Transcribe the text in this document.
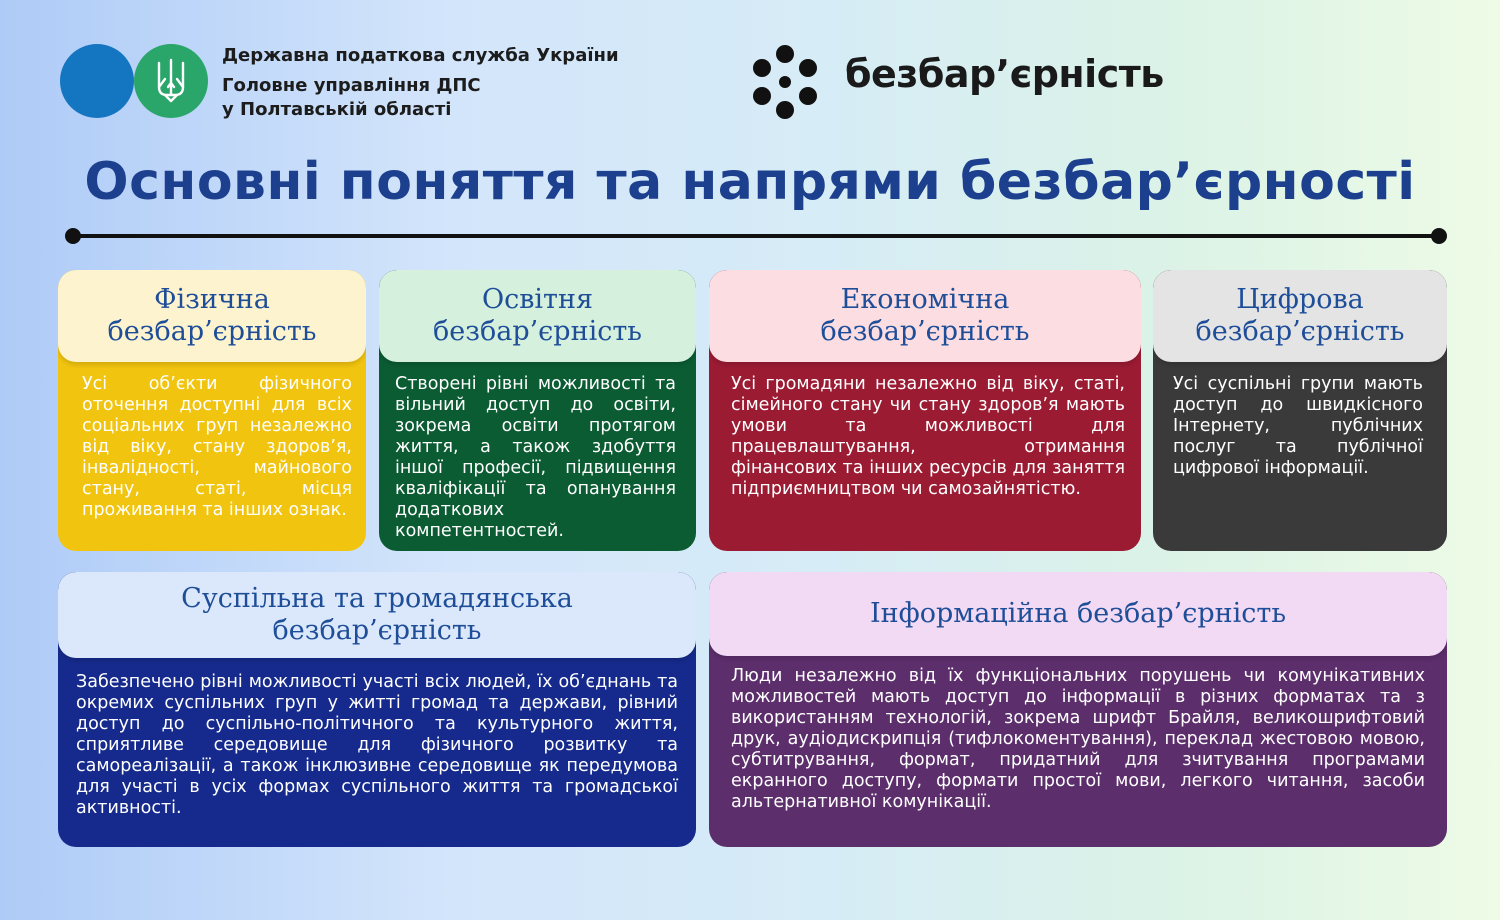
Державна податкова служба України
Головне управління ДПС
у Полтавській області
безбар’єрність
Основні поняття та напрями безбар’єрності
Фізична
безбар’єрність
Усі об’єкти фізичного оточення доступні для всіх соціальних груп незалежно від віку, стану здоров’я, інвалідності, майнового стану, статі, місця проживання та інших ознак.
Освітня
безбар’єрність
Створені рівні можливості та вільний доступ до освіти, зокрема освіти протягом життя, а також здобуття іншої професії, підвищення кваліфікації та опанування додаткових компетентностей.
Економічна
безбар’єрність
Усі громадяни незалежно від віку, статі, сімейного стану чи стану здоров’я мають умови та можливості для працевлаштування, отримання фінансових та інших ресурсів для заняття підприємництвом чи самозайнятістю.
Цифрова
безбар’єрність
Усі суспільні групи мають доступ до швидкісного Інтернету, публічних послуг та публічної цифрової інформації.
Суспільна та громадянська
безбар’єрність
Забезпечено рівні можливості участі всіх людей, їх об’єднань та окремих суспільних груп у житті громад та держави, рівний доступ до суспільно-політичного та культурного життя, сприятливе середовище для фізичного розвитку та самореалізації, а також інклюзивне середовище як передумова для участі в усіх формах суспільного життя та громадської активності.
Інформаційна безбар’єрність
Люди незалежно від їх функціональних порушень чи комунікативних можливостей мають доступ до інформації в різних форматах та з використанням технологій, зокрема шрифт Брайля, великошрифтовий друк, аудіодискрипція (тифлокоментування), переклад жестовою мовою, субтитрування, формат, придатний для зчитування програмами екранного доступу, формати простої мови, легкого читання, засоби альтернативної комунікації.
